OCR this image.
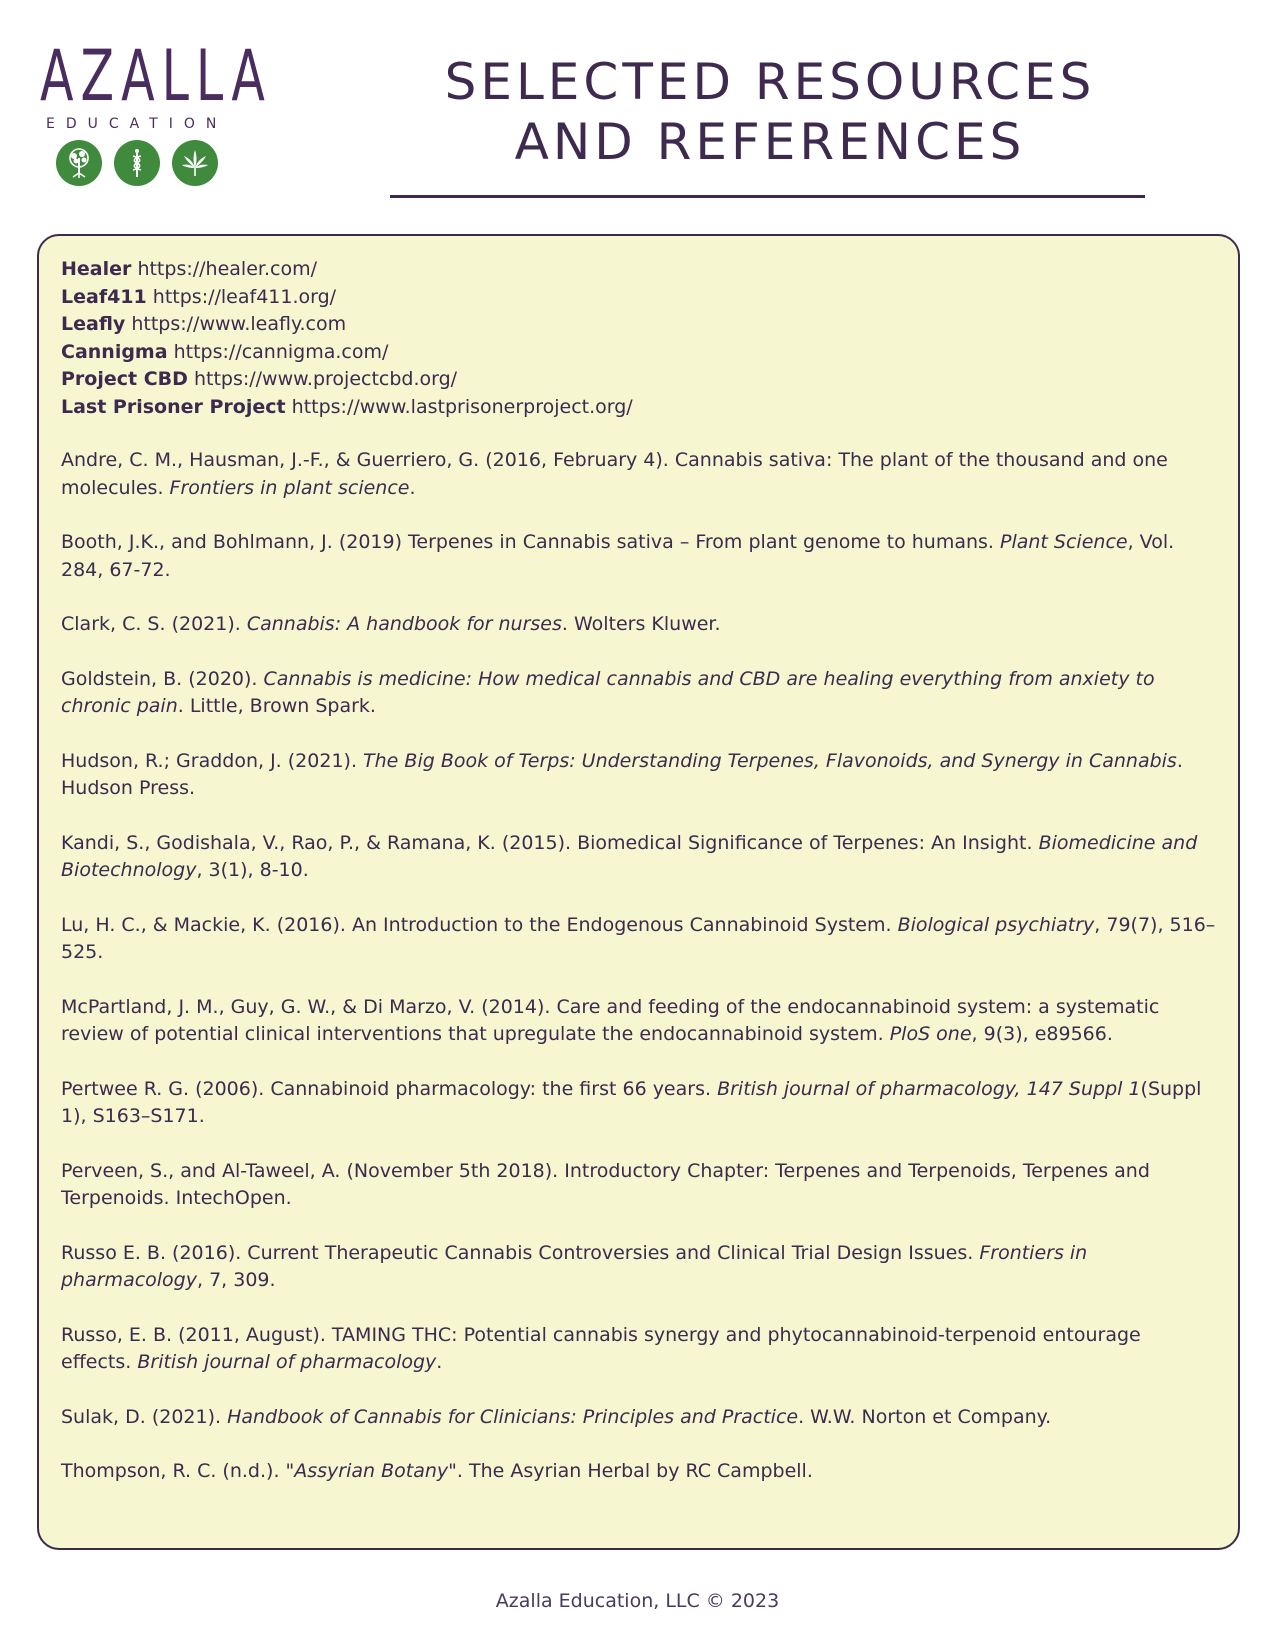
AZALLA
EDUCATION
SELECTED RESOURCES
AND REFERENCES
Healer https://healer.com/
Leaf411 https://leaf411.org/
Leafly https://www.leafly.com
Cannigma https://cannigma.com/
Project CBD https://www.projectcbd.org/
Last Prisoner Project https://www.lastprisonerproject.org/

Andre, C. M., Hausman, J.-F., & Guerriero, G. (2016, February 4). Cannabis sativa: The plant of the thousand and one molecules. Frontiers in plant science.

Booth, J.K., and Bohlmann, J. (2019) Terpenes in Cannabis sativa – From plant genome to humans. Plant Science, Vol. 284, 67-72.

Clark, C. S. (2021). Cannabis: A handbook for nurses. Wolters Kluwer.

Goldstein, B. (2020). Cannabis is medicine: How medical cannabis and CBD are healing everything from anxiety to chronic pain. Little, Brown Spark.

Hudson, R.; Graddon, J. (2021). The Big Book of Terps: Understanding Terpenes, Flavonoids, and Synergy in Cannabis. Hudson Press.

Kandi, S., Godishala, V., Rao, P., & Ramana, K. (2015). Biomedical Significance of Terpenes: An Insight. Biomedicine and Biotechnology, 3(1), 8-10.

Lu, H. C., & Mackie, K. (2016). An Introduction to the Endogenous Cannabinoid System. Biological psychiatry, 79(7), 516–525.

McPartland, J. M., Guy, G. W., & Di Marzo, V. (2014). Care and feeding of the endocannabinoid system: a systematic review of potential clinical interventions that upregulate the endocannabinoid system. PloS one, 9(3), e89566.

Pertwee R. G. (2006). Cannabinoid pharmacology: the first 66 years. British journal of pharmacology, 147 Suppl 1(Suppl 1), S163–S171.

Perveen, S., and Al-Taweel, A. (November 5th 2018). Introductory Chapter: Terpenes and Terpenoids, Terpenes and Terpenoids. IntechOpen.

Russo E. B. (2016). Current Therapeutic Cannabis Controversies and Clinical Trial Design Issues. Frontiers in pharmacology, 7, 309.

Russo, E. B. (2011, August). TAMING THC: Potential cannabis synergy and phytocannabinoid-terpenoid entourage effects. British journal of pharmacology.

Sulak, D. (2021). Handbook of Cannabis for Clinicians: Principles and Practice. W.W. Norton et Company.

Thompson, R. C. (n.d.). "Assyrian Botany". The Asyrian Herbal by RC Campbell.

Azalla Education, LLC © 2023
